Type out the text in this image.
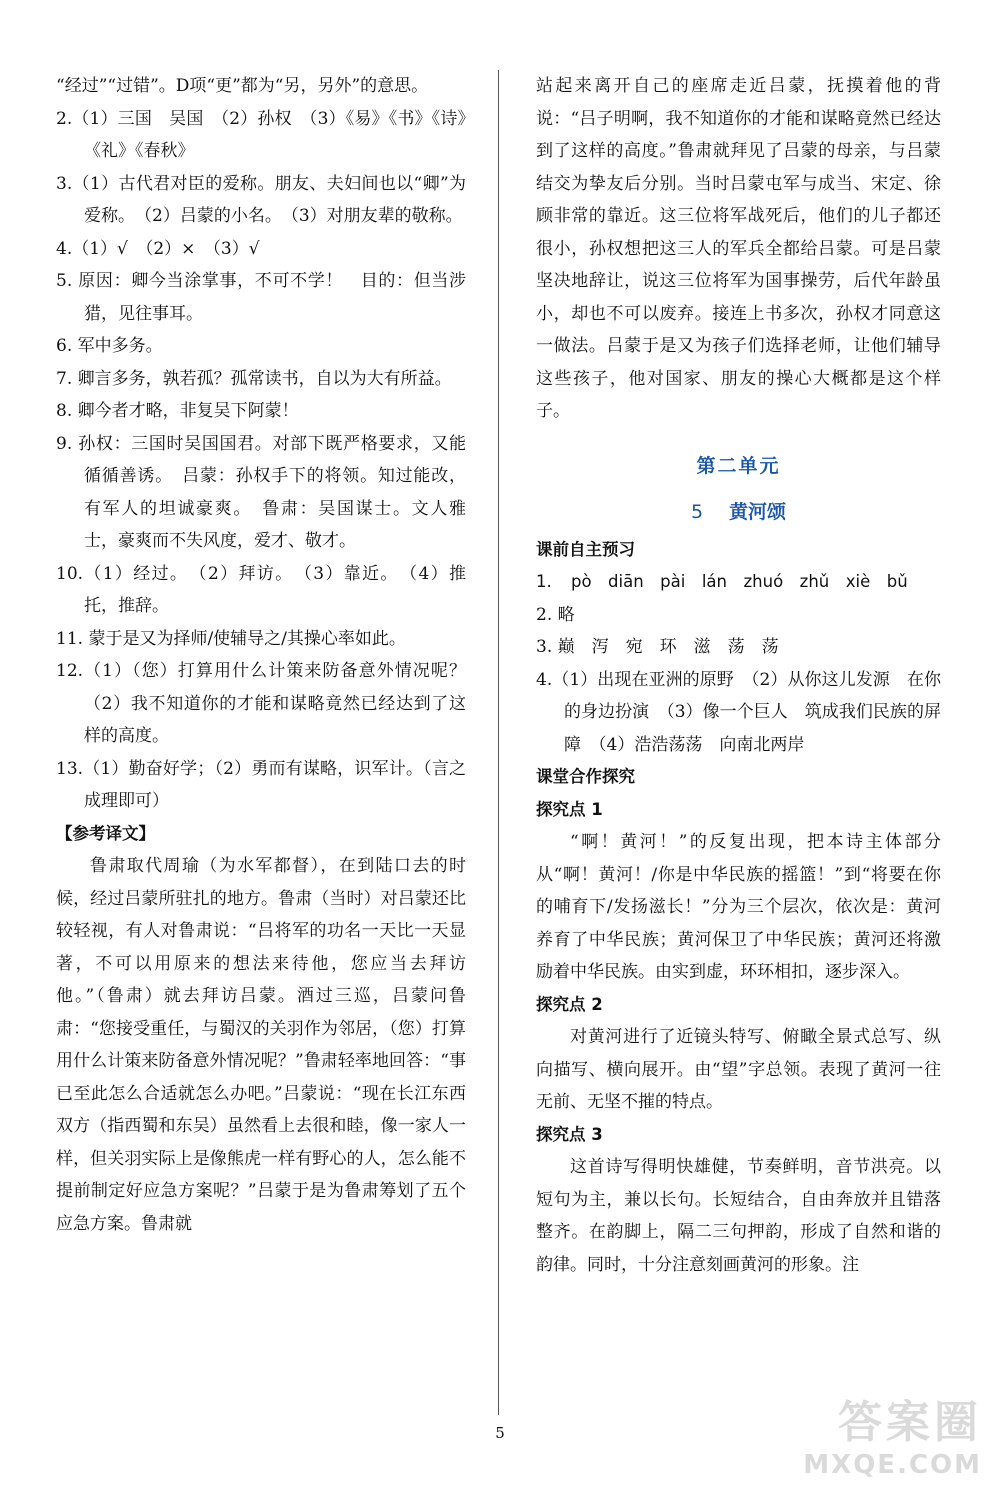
“经过”“过错”。D项“更”都为“另，另外”的意思。

2.（1）三国　吴国　（2）孙权　（3）《易》《书》《诗》《礼》《春秋》

3.（1）古代君对臣的爱称。朋友、夫妇间也以“卿”为爱称。　（2）吕蒙的小名。　（3）对朋友辈的敬称。

4.（1）√　（2）×　（3）√

5. 原因：卿今当涂掌事，不可不学！　目的：但当涉猎，见往事耳。

6. 军中多务。

7. 卿言多务，孰若孤？孤常读书，自以为大有所益。

8. 卿今者才略，非复吴下阿蒙！

9. 孙权：三国时吴国国君。对部下既严格要求，又能循循善诱。　吕蒙：孙权手下的将领。知过能改，有军人的坦诚豪爽。　鲁肃：吴国谋士。文人雅士，豪爽而不失风度，爱才、敬才。

10.（1）经过。　（2）拜访。　（3）靠近。　（4）推托，推辞。

11. 蒙于是又为择师/使辅导之/其操心率如此。

12.（1）（您）打算用什么计策来防备意外情况呢？　（2）我不知道你的才能和谋略竟然已经达到了这样的高度。

13.（1）勤奋好学；（2）勇而有谋略，识军计。（言之成理即可）

【参考译文】

鲁肃取代周瑜（为水军都督），在到陆口去的时候，经过吕蒙所驻扎的地方。鲁肃（当时）对吕蒙还比较轻视，有人对鲁肃说：“吕将军的功名一天比一天显著，不可以用原来的想法来待他，您应当去拜访他。”（鲁肃）就去拜访吕蒙。酒过三巡，吕蒙问鲁肃：“您接受重任，与蜀汉的关羽作为邻居，（您）打算用什么计策来防备意外情况呢？”鲁肃轻率地回答：“事已至此怎么合适就怎么办吧。”吕蒙说：“现在长江东西双方（指西蜀和东吴）虽然看上去很和睦，像一家人一样，但关羽实际上是像熊虎一样有野心的人，怎么能不提前制定好应急方案呢？”吕蒙于是为鲁肃筹划了五个应急方案。鲁肃就

站起来离开自己的座席走近吕蒙，抚摸着他的背说：“吕子明啊，我不知道你的才能和谋略竟然已经达到了这样的高度。”鲁肃就拜见了吕蒙的母亲，与吕蒙结交为挚友后分别。当时吕蒙屯军与成当、宋定、徐顾非常的靠近。这三位将军战死后，他们的儿子都还很小，孙权想把这三人的军兵全都给吕蒙。可是吕蒙坚决地辞让，说这三位将军为国事操劳，后代年龄虽小，却也不可以废弃。接连上书多次，孙权才同意这一做法。吕蒙于是又为孩子们选择老师，让他们辅导这些孩子，他对国家、朋友的操心大概都是这个样子。

第二单元
5 黄河颂

课前自主预习

1. pò　diān　pài　lán　zhuó　zhǔ　xiè　bǔ

2. 略

3. 巅　泻　宛　环　滋　荡　荡

4.（1）出现在亚洲的原野　（2）从你这儿发源　在你的身边扮演　（3）像一个巨人　筑成我们民族的屏障　（4）浩浩荡荡　向南北两岸

课堂合作探究

探究点 1

“啊！黄河！”的反复出现，把本诗主体部分从“啊！黄河！/你是中华民族的摇篮！”到“将要在你的哺育下/发扬滋长！”分为三个层次，依次是：黄河养育了中华民族；黄河保卫了中华民族；黄河还将激励着中华民族。由实到虚，环环相扣，逐步深入。

探究点 2

对黄河进行了近镜头特写、俯瞰全景式总写、纵向描写、横向展开。由“望”字总领。表现了黄河一往无前、无坚不摧的特点。

探究点 3

这首诗写得明快雄健，节奏鲜明，音节洪亮。以短句为主，兼以长句。长短结合，自由奔放并且错落整齐。在韵脚上，隔二三句押韵，形成了自然和谐的韵律。同时，十分注意刻画黄河的形象。注

5	答案圈
MXQE.COM
